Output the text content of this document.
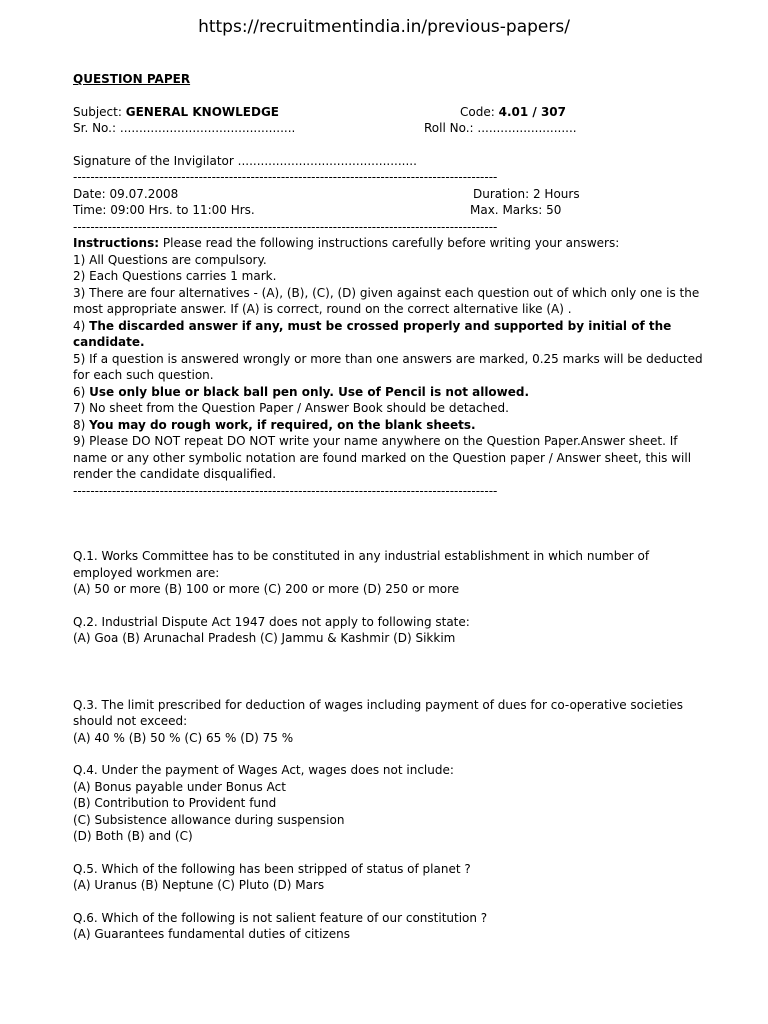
https://recruitmentindia.in/previous-papers/

QUESTION PAPER

Subject: GENERAL KNOWLEDGE	Code: 4.01 / 307
Sr. No.: ..............................................	Roll No.: ..........................
Signature of the Invigilator ...............................................
--------------------------------------------------------------------------------------------------
Date: 09.07.2008	Duration: 2 Hours
Time: 09:00 Hrs. to 11:00 Hrs.	Max. Marks: 50
--------------------------------------------------------------------------------------------------

Instructions: Please read the following instructions carefully before writing your answers:

1) All Questions are compulsory.

2) Each Questions carries 1 mark.

3) There are four alternatives - (A), (B), (C), (D) given against each question out of which only one is the most appropriate answer. If (A) is correct, round on the correct alternative like (A) .

4) The discarded answer if any, must be crossed properly and supported by initial of the candidate.

5) If a question is answered wrongly or more than one answers are marked, 0.25 marks will be deducted for each such question.

6) Use only blue or black ball pen only. Use of Pencil is not allowed.

7) No sheet from the Question Paper / Answer Book should be detached.

8) You may do rough work, if required, on the blank sheets.

9) Please DO NOT repeat DO NOT write your name anywhere on the Question Paper.Answer sheet. If name or any other symbolic notation are found marked on the Question paper / Answer sheet, this will render the candidate disqualified.

--------------------------------------------------------------------------------------------------

Q.1. Works Committee has to be constituted in any industrial establishment in which number of employed workmen are:

(A) 50 or more (B) 100 or more (C) 200 or more (D) 250 or more

Q.2. Industrial Dispute Act 1947 does not apply to following state:

(A) Goa (B) Arunachal Pradesh (C) Jammu & Kashmir (D) Sikkim

Q.3. The limit prescribed for deduction of wages including payment of dues for co-operative societies should not exceed:

(A) 40 % (B) 50 % (C) 65 % (D) 75 %

Q.4. Under the payment of Wages Act, wages does not include:

(A) Bonus payable under Bonus Act

(B) Contribution to Provident fund

(C) Subsistence allowance during suspension

(D) Both (B) and (C)

Q.5. Which of the following has been stripped of status of planet ?

(A) Uranus (B) Neptune (C) Pluto (D) Mars

Q.6. Which of the following is not salient feature of our constitution ?

(A) Guarantees fundamental duties of citizens
